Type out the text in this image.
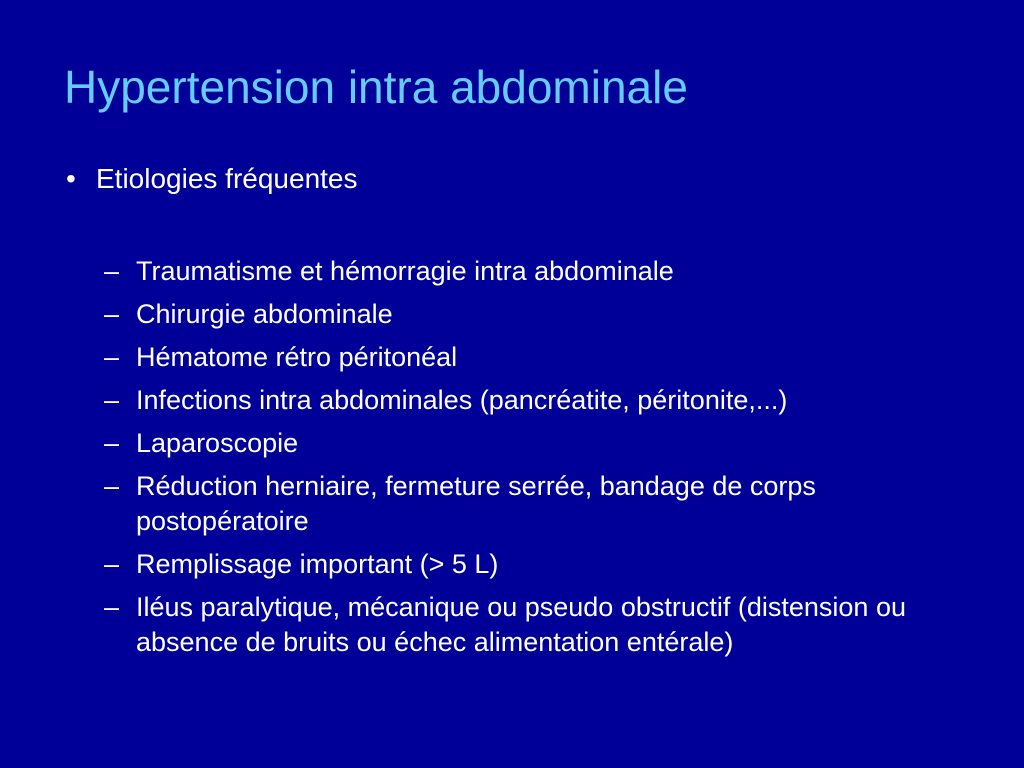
Hypertension intra abdominale
• Etiologies fréquentes
– Traumatisme et hémorragie intra abdominale
– Chirurgie abdominale
– Hématome rétro péritonéal
– Infections intra abdominales (pancréatite, péritonite,...)
– Laparoscopie
– Réduction herniaire, fermeture serrée, bandage de corps postopératoire
– Remplissage important (> 5 L)
– Iléus paralytique, mécanique ou pseudo obstructif (distension ou absence de bruits ou échec alimentation entérale)
